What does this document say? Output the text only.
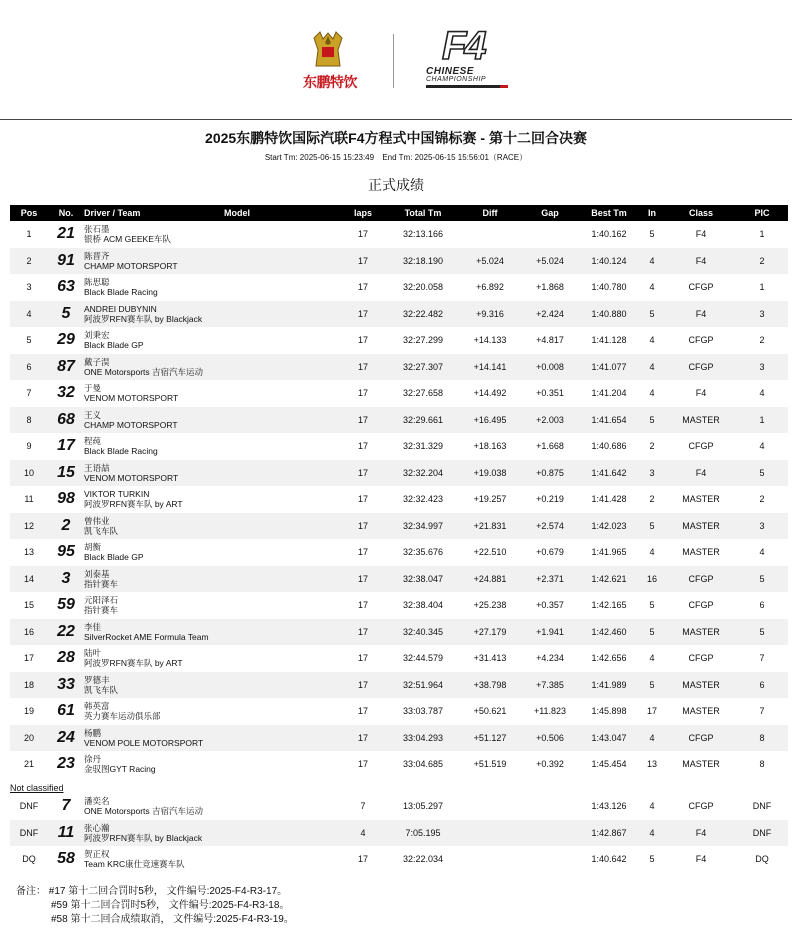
东鹏特饮
F4
CHINESE
CHAMPIONSHIP
2025东鹏特饮国际汽联F4方程式中国锦标赛 - 第十二回合决赛
Start Tm: 2025-06-15 15:23:49 End Tm: 2025-06-15 15:56:01（RACE）
正式成绩
Pos	No.	Driver / Team	Model	laps	Total Tm	Diff	Gap	Best Tm	In	Class	PIC
1	21	张石墨
银桥 ACM GEEKE车队		17	32:13.166			1:40.162	5	F4	1
2	91	陈晋齐
CHAMP MOTORSPORT		17	32:18.190	+5.024	+5.024	1:40.124	4	F4	2
3	63	陈思聪
Black Blade Racing		17	32:20.058	+6.892	+1.868	1:40.780	4	CFGP	1
4	5	ANDREI DUBYNIN
阿波罗RFN赛车队 by Blackjack		17	32:22.482	+9.316	+2.424	1:40.880	5	F4	3
5	29	刘秉宏
Black Blade GP		17	32:27.299	+14.133	+4.817	1:41.128	4	CFGP	2
6	87	戴子淏
ONE Motorsports 吉宿汽车运动		17	32:27.307	+14.141	+0.008	1:41.077	4	CFGP	3
7	32	于曼
VENOM MOTORSPORT		17	32:27.658	+14.492	+0.351	1:41.204	4	F4	4
8	68	王义
CHAMP MOTORSPORT		17	32:29.661	+16.495	+2.003	1:41.654	5	MASTER	1
9	17	程莼
Black Blade Racing		17	32:31.329	+18.163	+1.668	1:40.686	2	CFGP	4
10	15	王语喆
VENOM MOTORSPORT		17	32:32.204	+19.038	+0.875	1:41.642	3	F4	5
11	98	VIKTOR TURKIN
阿波罗RFN赛车队 by ART		17	32:32.423	+19.257	+0.219	1:41.428	2	MASTER	2
12	2	曾伟业
凯飞车队		17	32:34.997	+21.831	+2.574	1:42.023	5	MASTER	3
13	95	胡衡
Black Blade GP		17	32:35.676	+22.510	+0.679	1:41.965	4	MASTER	4
14	3	刘泰基
指针赛车		17	32:38.047	+24.881	+2.371	1:42.621	16	CFGP	5
15	59	元阳泽石
指针赛车		17	32:38.404	+25.238	+0.357	1:42.165	5	CFGP	6
16	22	李佳
SilverRocket AME Formula Team		17	32:40.345	+27.179	+1.941	1:42.460	5	MASTER	5
17	28	陆叶
阿波罗RFN赛车队 by ART		17	32:44.579	+31.413	+4.234	1:42.656	4	CFGP	7
18	33	罗德丰
凯飞车队		17	32:51.964	+38.798	+7.385	1:41.989	5	MASTER	6
19	61	韩英富
英力赛车运动俱乐部		17	33:03.787	+50.621	+11.823	1:45.898	17	MASTER	7
20	24	杨鹏
VENOM POLE MOTORSPORT		17	33:04.293	+51.127	+0.506	1:43.047	4	CFGP	8
21	23	徐丹
金驭图GYT Racing		17	33:04.685	+51.519	+0.392	1:45.454	13	MASTER	8
Not classified
DNF	7	潘奕名
ONE Motorsports 吉宿汽车运动		7	13:05.297			1:43.126	4	CFGP	DNF
DNF	11	张心瀚
阿波罗RFN赛车队 by Blackjack		4	7:05.195			1:42.867	4	F4	DNF
DQ	58	贺正权
Team KRC康仕竞速赛车队		17	32:22.034			1:40.642	5	F4	DQ
备注： #17 第十二回合罚时5秒， 文件编号:2025-F4-R3-17。
#59 第十二回合罚时5秒， 文件编号:2025-F4-R3-18。
#58 第十二回合成绩取消， 文件编号:2025-F4-R3-19。
